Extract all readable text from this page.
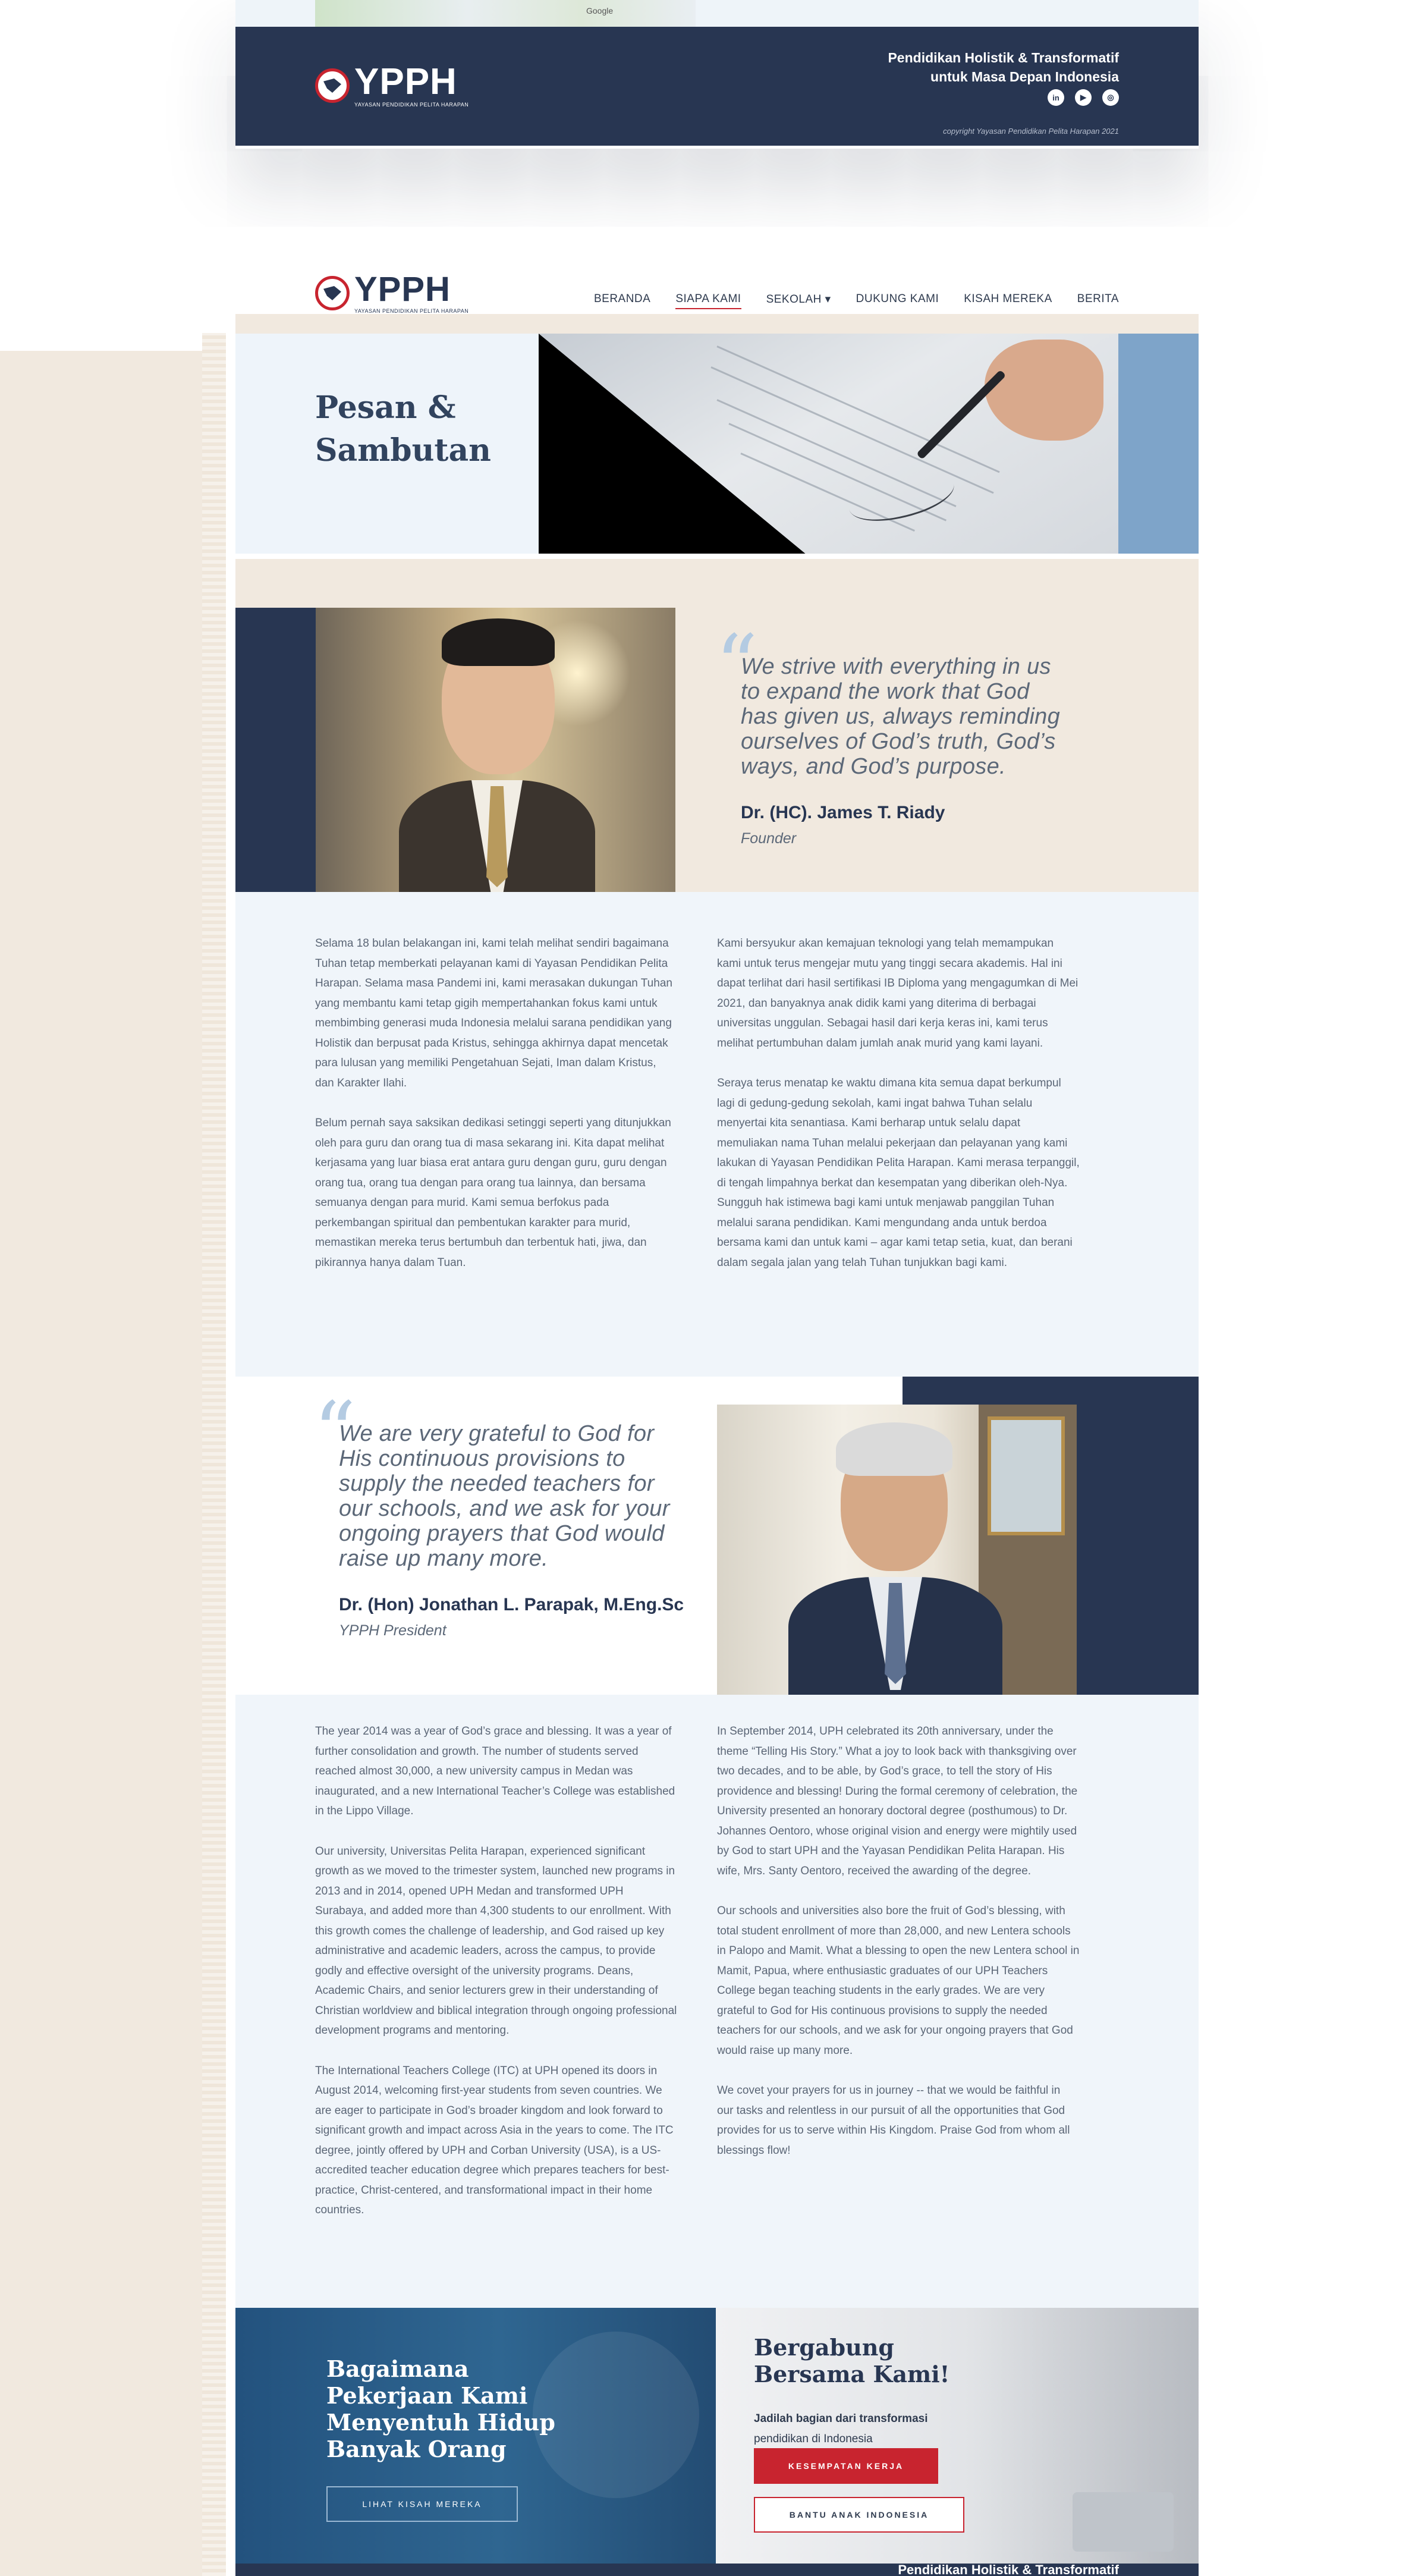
Google
YPPH
YAYASAN PENDIDIKAN PELITA HARAPAN
Pendidikan Holistik & Transformatif
untuk Masa Depan Indonesia
in	▶	◎
copyright Yayasan Pendidikan Pelita Harapan 2021
YPPH
YAYASAN PENDIDIKAN PELITA HARAPAN
BERANDA SIAPA KAMI SEKOLAH ▾ DUKUNG KAMI KISAH MEREKA BERITA
Pesan &
Sambutan
“
We strive with everything in us
to expand the work that God
has given us, always reminding
ourselves of God’s truth, God’s
ways, and God’s purpose.
Dr. (HC). James T. Riady
Founder

Selama 18 bulan belakangan ini, kami telah melihat sendiri bagaimana Tuhan tetap memberkati pelayanan kami di Yayasan Pendidikan Pelita Harapan. Selama masa Pandemi ini, kami merasakan dukungan Tuhan yang membantu kami tetap gigih mempertahankan fokus kami untuk membimbing generasi muda Indonesia melalui sarana pendidikan yang Holistik dan berpusat pada Kristus, sehingga akhirnya dapat mencetak para lulusan yang memiliki Pengetahuan Sejati, Iman dalam Kristus, dan Karakter Ilahi.

Belum pernah saya saksikan dedikasi setinggi seperti yang ditunjukkan oleh para guru dan orang tua di masa sekarang ini. Kita dapat melihat kerjasama yang luar biasa erat antara guru dengan guru, guru dengan orang tua, orang tua dengan para orang tua lainnya, dan bersama semuanya dengan para murid. Kami semua berfokus pada perkembangan spiritual dan pembentukan karakter para murid, memastikan mereka terus bertumbuh dan terbentuk hati, jiwa, dan pikirannya hanya dalam Tuan.

Kami bersyukur akan kemajuan teknologi yang telah memampukan kami untuk terus mengejar mutu yang tinggi secara akademis. Hal ini dapat terlihat dari hasil sertifikasi IB Diploma yang mengagumkan di Mei 2021, dan banyaknya anak didik kami yang diterima di berbagai universitas unggulan. Sebagai hasil dari kerja keras ini, kami terus melihat pertumbuhan dalam jumlah anak murid yang kami layani.

Seraya terus menatap ke waktu dimana kita semua dapat berkumpul lagi di gedung-gedung sekolah, kami ingat bahwa Tuhan selalu menyertai kita senantiasa. Kami berharap untuk selalu dapat memuliakan nama Tuhan melalui pekerjaan dan pelayanan yang kami lakukan di Yayasan Pendidikan Pelita Harapan. Kami merasa terpanggil, di tengah limpahnya berkat dan kesempatan yang diberikan oleh-Nya. Sungguh hak istimewa bagi kami untuk menjawab panggilan Tuhan melalui sarana pendidikan. Kami mengundang anda untuk berdoa bersama kami dan untuk kami – agar kami tetap setia, kuat, dan berani dalam segala jalan yang telah Tuhan tunjukkan bagi kami.

“
We are very grateful to God for
His continuous provisions to
supply the needed teachers for
our schools, and we ask for your
ongoing prayers that God would
raise up many more.
Dr. (Hon) Jonathan L. Parapak, M.Eng.Sc
YPPH President

The year 2014 was a year of God’s grace and blessing. It was a year of further consolidation and growth. The number of students served reached almost 30,000, a new university campus in Medan was inaugurated, and a new International Teacher’s College was established in the Lippo Village.

Our university, Universitas Pelita Harapan, experienced significant growth as we moved to the trimester system, launched new programs in 2013 and in 2014, opened UPH Medan and transformed UPH Surabaya, and added more than 4,300 students to our enrollment. With this growth comes the challenge of leadership, and God raised up key administrative and academic leaders, across the campus, to provide godly and effective oversight of the university programs. Deans, Academic Chairs, and senior lecturers grew in their understanding of Christian worldview and biblical integration through ongoing professional development programs and mentoring.

The International Teachers College (ITC) at UPH opened its doors in August 2014, welcoming first-year students from seven countries. We are eager to participate in God’s broader kingdom and look forward to significant growth and impact across Asia in the years to come. The ITC degree, jointly offered by UPH and Corban University (USA), is a US-accredited teacher education degree which prepares teachers for best-practice, Christ-centered, and transformational impact in their home countries.

In September 2014, UPH celebrated its 20th anniversary, under the theme “Telling His Story.” What a joy to look back with thanksgiving over two decades, and to be able, by God’s grace, to tell the story of His providence and blessing! During the formal ceremony of celebration, the University presented an honorary doctoral degree (posthumous) to Dr. Johannes Oentoro, whose original vision and energy were mightily used by God to start UPH and the Yayasan Pendidikan Pelita Harapan. His wife, Mrs. Santy Oentoro, received the awarding of the degree.

Our schools and universities also bore the fruit of God’s blessing, with total student enrollment of more than 28,000, and new Lentera schools in Palopo and Mamit. What a blessing to open the new Lentera school in Mamit, Papua, where enthusiastic graduates of our UPH Teachers College began teaching students in the early grades. We are very grateful to God for His continuous provisions to supply the needed teachers for our schools, and we ask for your ongoing prayers that God would raise up many more.

We covet your prayers for us in journey -- that we would be faithful in our tasks and relentless in our pursuit of all the opportunities that God provides for us to serve within His Kingdom. Praise God from whom all blessings flow!

Bagaimana
Pekerjaan Kami
Menyentuh Hidup
Banyak Orang
LIHAT KISAH MEREKA
Bergabung
Bersama Kami!
Jadilah bagian dari transformasi
pendidikan di Indonesia
KESEMPATAN KERJA
BANTU ANAK INDONESIA
Pendidikan Holistik & Transformatif
